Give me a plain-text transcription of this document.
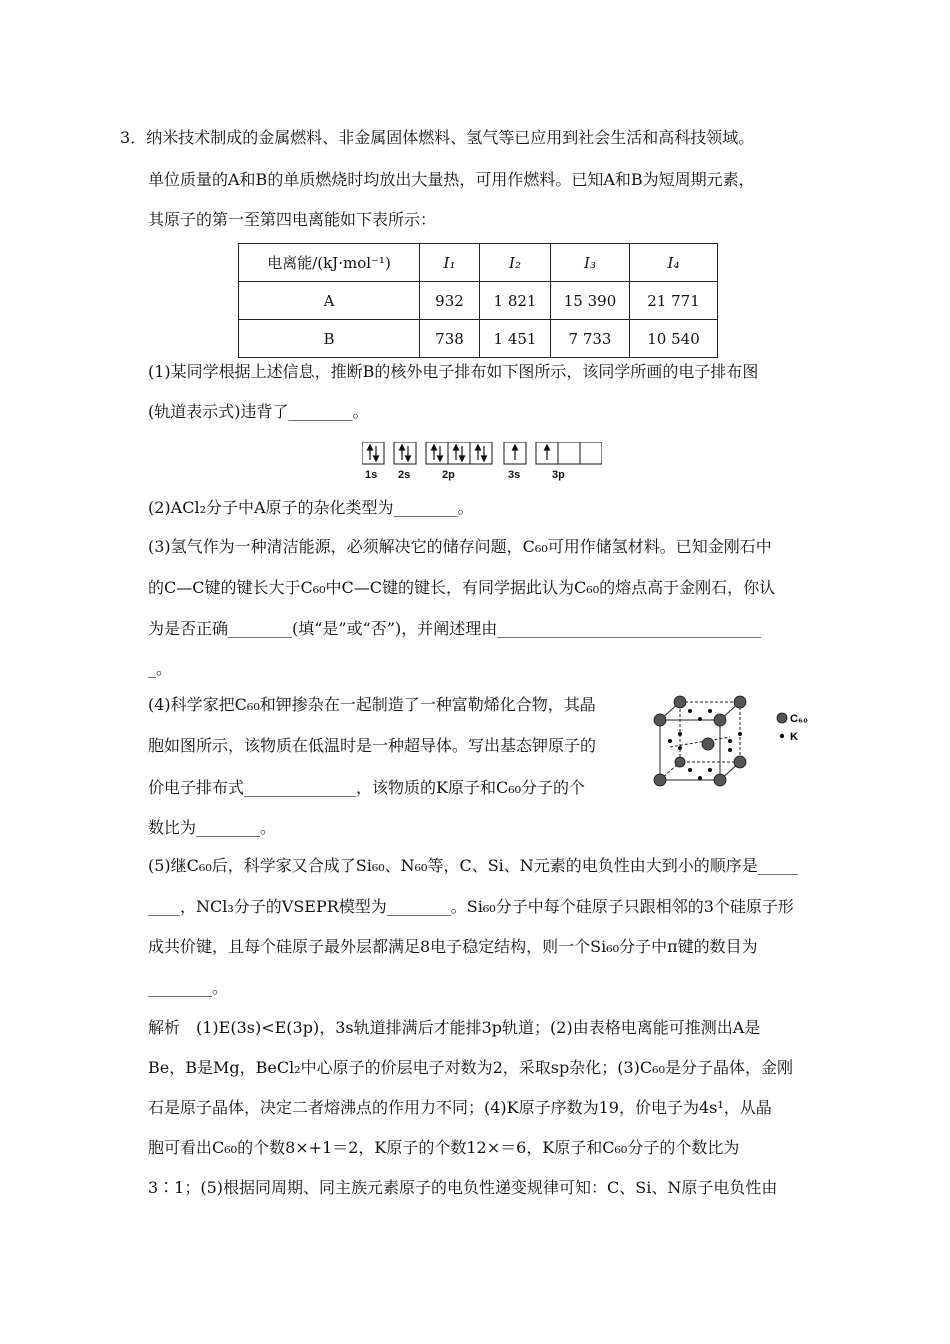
3．纳米技术制成的金属燃料、非金属固体燃料、氢气等已应用到社会生活和高科技领域。
单位质量的A和B的单质燃烧时均放出大量热，可用作燃料。已知A和B为短周期元素，
其原子的第一至第四电离能如下表所示：
电离能/(kJ·mol⁻¹)	I₁	I₂	I₃	I₄
A	932	1 821	15 390	21 771
B	738	1 451	7 733	10 540
(1)某同学根据上述信息，推断B的核外电子排布如下图所示，该同学所画的电子排布图
(轨道表示式)违背了________。
1s 2s	2p	3s	3p
(2)ACl₂分子中A原子的杂化类型为________。
(3)氢气作为一种清洁能源，必须解决它的储存问题，C₆₀可用作储氢材料。已知金刚石中
的C—C键的键长大于C₆₀中C—C键的键长，有同学据此认为C₆₀的熔点高于金刚石，你认
为是否正确________(填“是”或“否”)，并阐述理由_________________________________
_。
(4)科学家把C₆₀和钾掺杂在一起制造了一种富勒烯化合物，其晶
胞如图所示，该物质在低温时是一种超导体。写出基态钾原子的
价电子排布式______________，该物质的K原子和C₆₀分子的个
数比为________。
C₆₀
K
(5)继C₆₀后，科学家又合成了Si₆₀、N₆₀等，C、Si、N元素的电负性由大到小的顺序是_____
____，NCl₃分子的VSEPR模型为________。Si₆₀分子中每个硅原子只跟相邻的3个硅原子形
成共价键，且每个硅原子最外层都满足8电子稳定结构，则一个Si₆₀分子中π键的数目为
________。
解析　(1)E(3s)<E(3p)，3s轨道排满后才能排3p轨道；(2)由表格电离能可推测出A是
Be，B是Mg，BeCl₂中心原子的价层电子对数为2，采取sp杂化；(3)C₆₀是分子晶体，金刚
石是原子晶体，决定二者熔沸点的作用力不同；(4)K原子序数为19，价电子为4s¹，从晶
胞可看出C₆₀的个数8×+1＝2，K原子的个数12×＝6，K原子和C₆₀分子的个数比为
3∶1；(5)根据同周期、同主族元素原子的电负性递变规律可知：C、Si、N原子电负性由
